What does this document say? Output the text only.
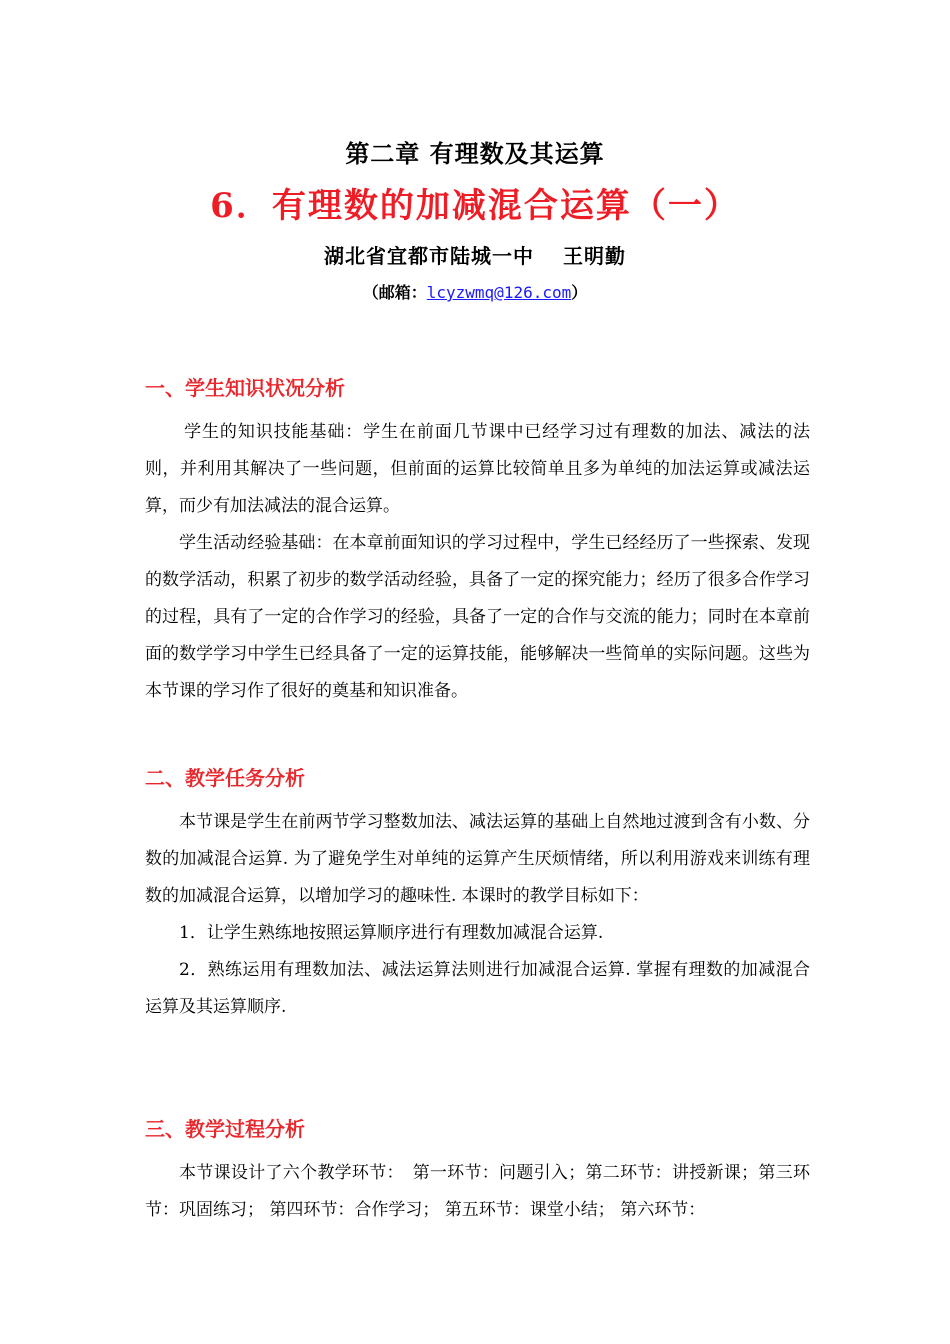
第二章 有理数及其运算
6．有理数的加减混合运算（一）
湖北省宜都市陆城一中　 王明勤
（邮箱：lcyzwmq@126.com）
一、学生知识状况分析

学生的知识技能基础：学生在前面几节课中已经学习过有理数的加法、减法的法则，并利用其解决了一些问题，但前面的运算比较简单且多为单纯的加法运算或减法运算，而少有加法减法的混合运算。

学生活动经验基础：在本章前面知识的学习过程中，学生已经经历了一些探索、发现的数学活动，积累了初步的数学活动经验，具备了一定的探究能力；经历了很多合作学习的过程，具有了一定的合作学习的经验，具备了一定的合作与交流的能力；同时在本章前面的数学学习中学生已经具备了一定的运算技能，能够解决一些简单的实际问题。这些为本节课的学习作了很好的奠基和知识准备。

二、教学任务分析

本节课是学生在前两节学习整数加法、减法运算的基础上自然地过渡到含有小数、分数的加减混合运算. 为了避免学生对单纯的运算产生厌烦情绪，所以利用游戏来训练有理数的加减混合运算，以增加学习的趣味性. 本课时的教学目标如下：

1．让学生熟练地按照运算顺序进行有理数加减混合运算.

2．熟练运用有理数加法、减法运算法则进行加减混合运算. 掌握有理数的加减混合运算及其运算顺序.

三、教学过程分析

本节课设计了六个教学环节：　第一环节：问题引入；第二环节：讲授新课；第三环节：巩固练习； 第四环节：合作学习； 第五环节：课堂小结； 第六环节：
